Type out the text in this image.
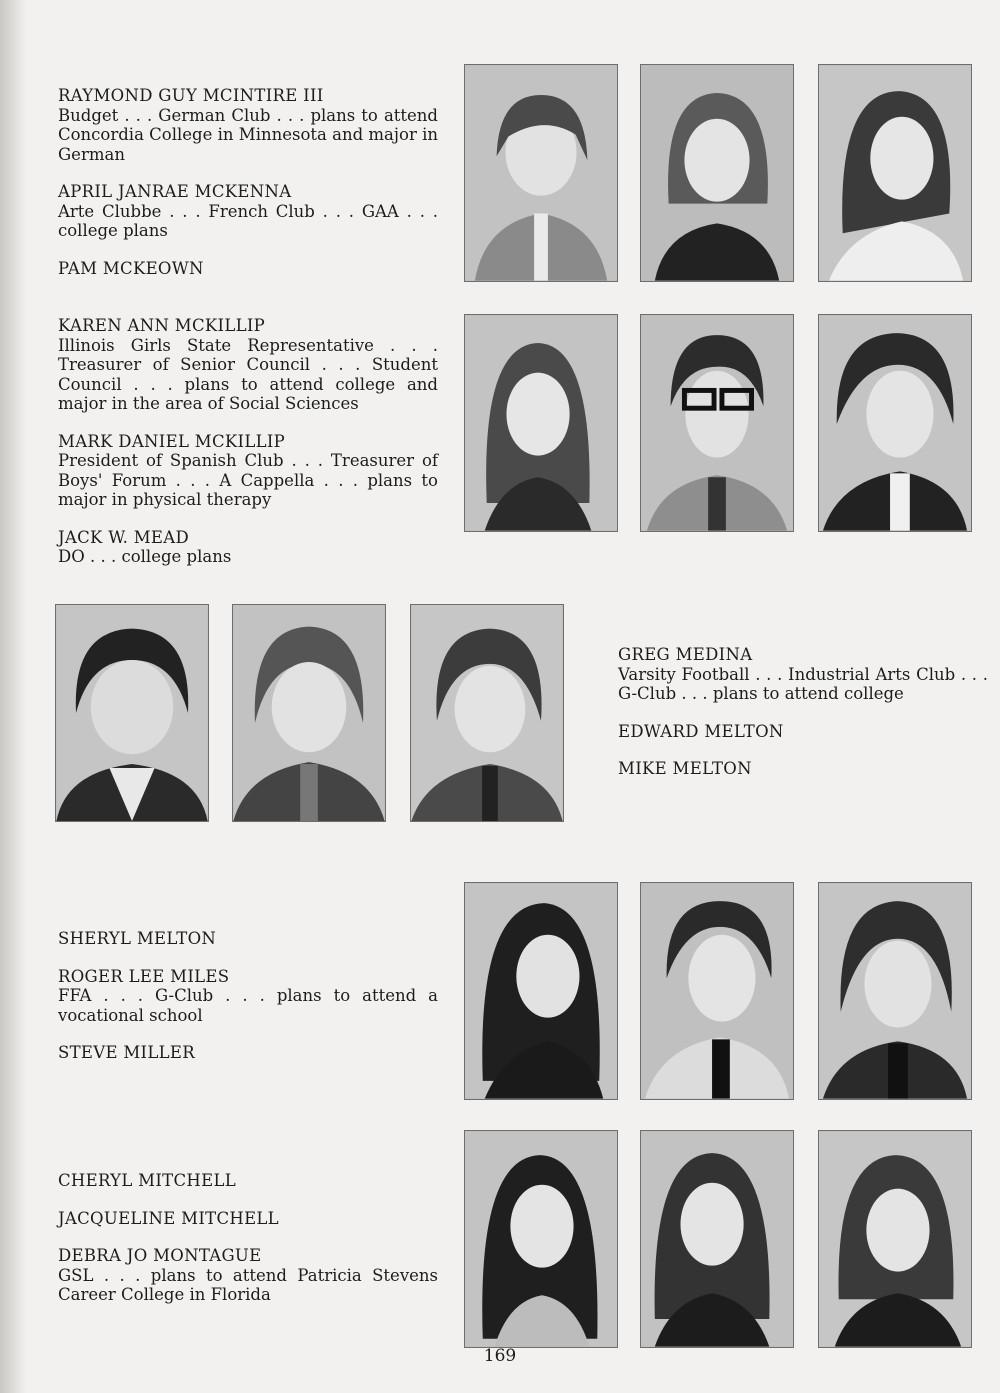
RAYMOND GUY MCINTIRE III
Budget . . . German Club . . . plans to attend Concordia College in Minnesota and major in German
APRIL JANRAE MCKENNA
Arte Clubbe . . . French Club . . . GAA . . . college plans
PAM MCKEOWN
KAREN ANN MCKILLIP
Illinois Girls State Representative . . . Treasurer of Senior Council . . . Student Council . . . plans to attend college and major in the area of Social Sciences
MARK DANIEL MCKILLIP
President of Spanish Club . . . Treasurer of Boys' Forum . . . A Cappella . . . plans to major in physical therapy
JACK W. MEAD
DO . . . college plans
GREG MEDINA
Varsity Football . . . Industrial Arts Club . . . G-Club . . . plans to attend college
EDWARD MELTON
MIKE MELTON
SHERYL MELTON
ROGER LEE MILES
FFA . . . G-Club . . . plans to attend a vocational school
STEVE MILLER
CHERYL MITCHELL
JACQUELINE MITCHELL
DEBRA JO MONTAGUE
GSL . . . plans to attend Patricia Stevens Career College in Florida
169
